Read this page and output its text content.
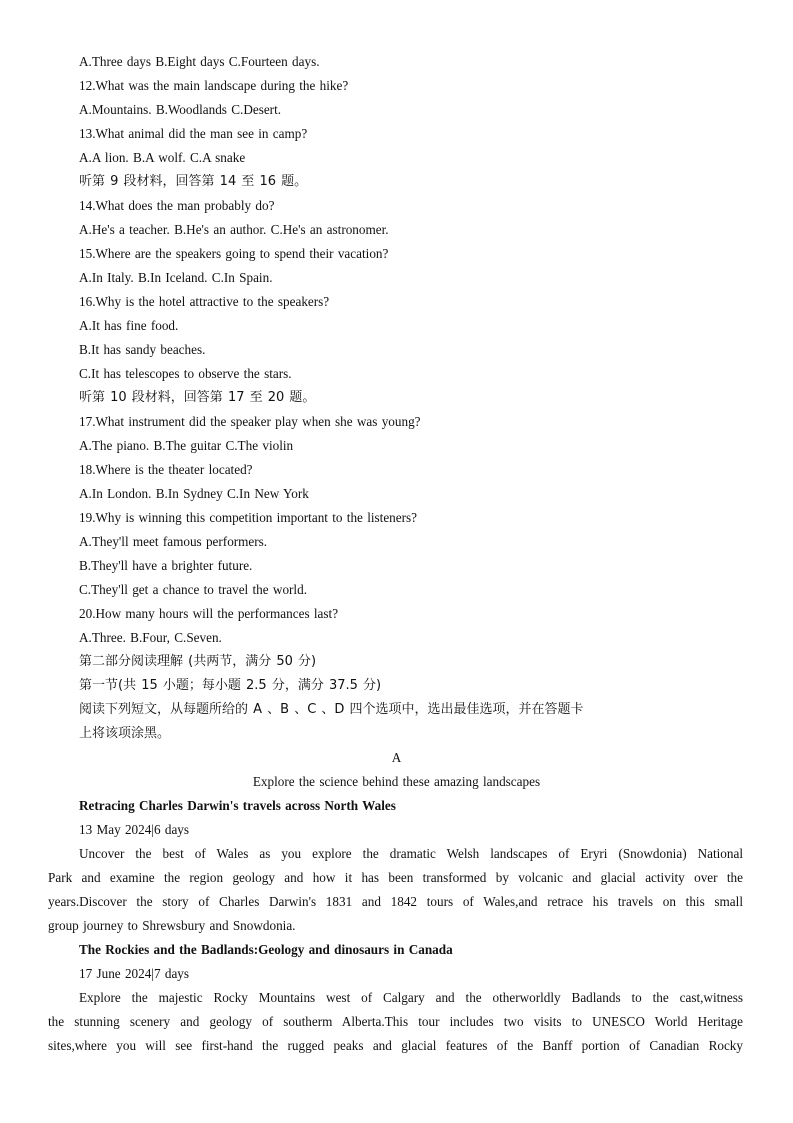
A.Three days B.Eight days C.Fourteen days.
12.What was the main landscape during the hike?
A.Mountains. B.Woodlands C.Desert.
13.What animal did the man see in camp?
A.A lion. B.A wolf. C.A snake
听第 9 段材料，回答第 14 至 16 题。
14.What does the man probably do?
A.He's a teacher. B.He's an author. C.He's an astronomer.
15.Where are the speakers going to spend their vacation?
A.In Italy. B.In Iceland. C.In Spain.
16.Why is the hotel attractive to the speakers?
A.It has fine food.
B.It has sandy beaches.
C.It has telescopes to observe the stars.
听第 10 段材料，回答第 17 至 20 题。
17.What instrument did the speaker play when she was young?
A.The piano. B.The guitar C.The violin
18.Where is the theater located?
A.In London. B.In Sydney C.In New York
19.Why is winning this competition important to the listeners?
A.They'll meet famous performers.
B.They'll have a brighter future.
C.They'll get a chance to travel the world.
20.How many hours will the performances last?
A.Three. B.Four, C.Seven.
第二部分阅读理解 (共两节，满分 50 分)
第一节(共 15 小题；每小题 2.5 分，满分 37.5 分)
阅读下列短文，从每题所给的 A 、B 、C 、D 四个选项中，选出最佳选项，并在答题卡
上将该项涂黑。
A
Explore the science behind these amazing landscapes
Retracing Charles Darwin's travels across North Wales
13 May 2024|6 days
Uncover the best of Wales as you explore the dramatic Welsh landscapes of Eryri (Snowdonia) National
Park and examine the region geology and how it has been transformed by volcanic and glacial activity over the
years.Discover the story of Charles Darwin's 1831 and 1842 tours of Wales,and retrace his travels on this small
group journey to Shrewsbury and Snowdonia.
The Rockies and the Badlands:Geology and dinosaurs in Canada
17 June 2024|7 days
Explore the majestic Rocky Mountains west of Calgary and the otherworldly Badlands to the cast,witness
the stunning scenery and geology of southerm Alberta.This tour includes two visits to UNESCO World Heritage
sites,where you will see first-hand the rugged peaks and glacial features of the Banff portion of Canadian Rocky
